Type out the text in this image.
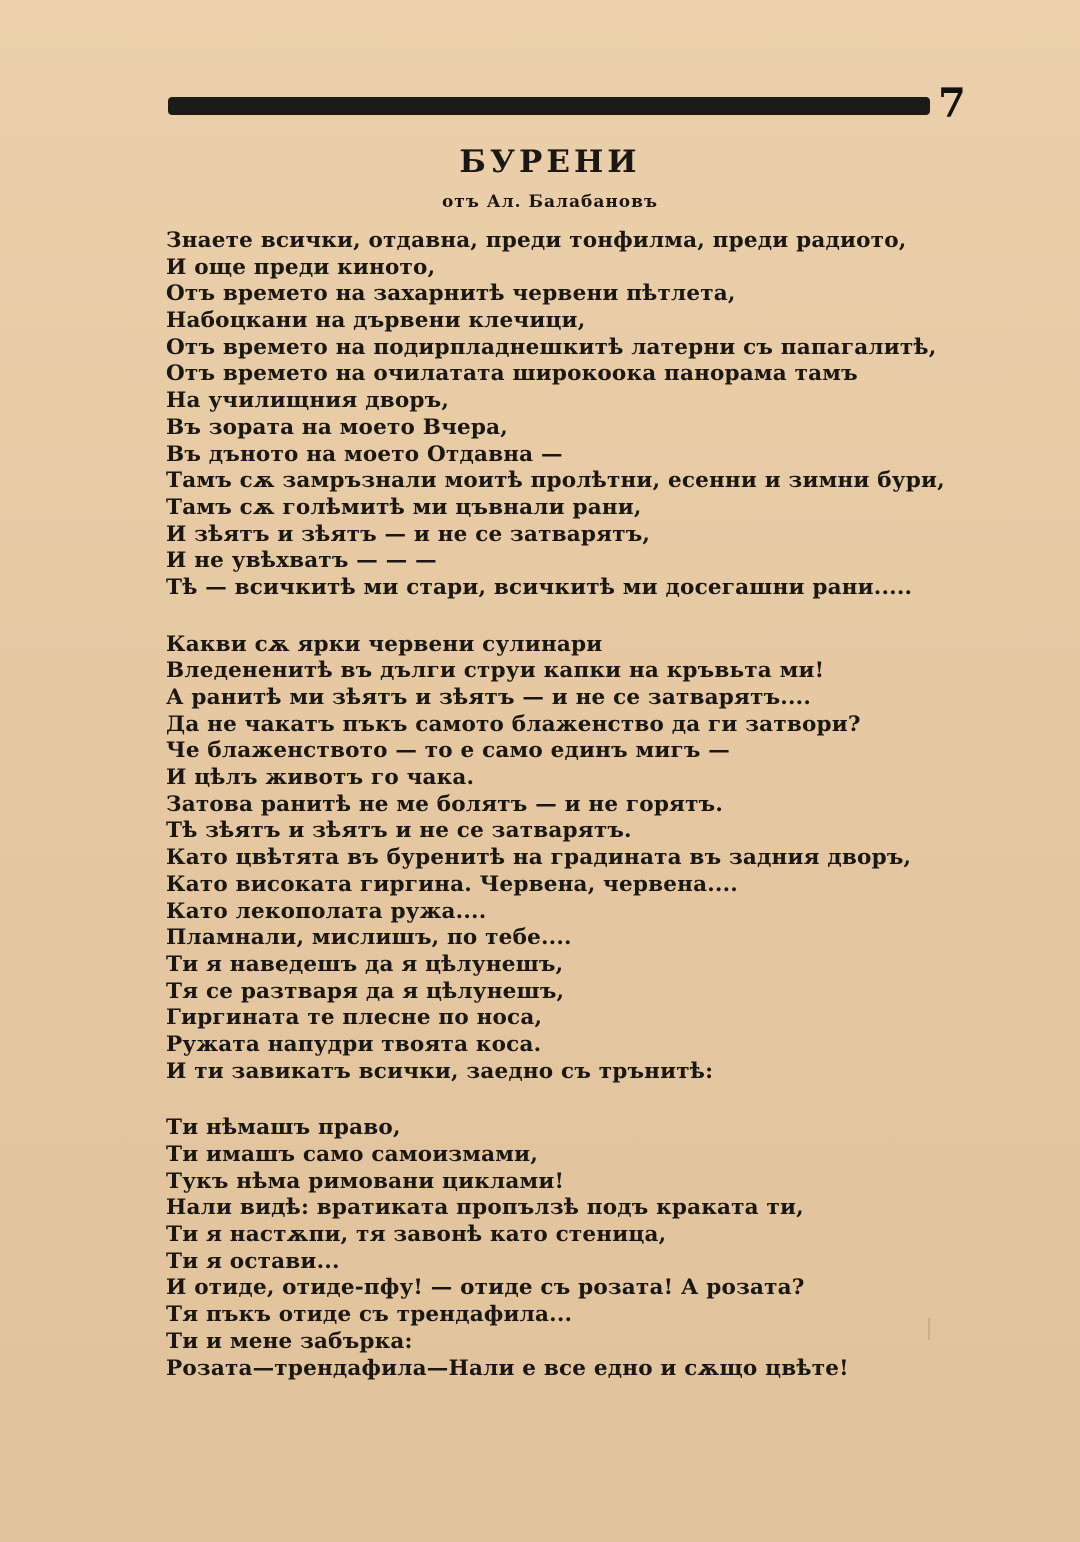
7
БУРЕНИ
отъ Ал. Балабановъ
Знаете всички, отдавна, преди тонфилма, преди радиото,
И още преди киното,
Отъ времето на захарнитѣ червени пѣтлета,
Набоцкани на дървени клечици,
Отъ времето на подирпладнешкитѣ латерни съ папагалитѣ,
Отъ времето на очилатата широкоока панорама тамъ
На училищния дворъ,
Въ зората на моето Вчера,
Въ дъното на моето Отдавна —
Тамъ сѫ замръзнали моитѣ пролѣтни, есенни и зимни бури,
Тамъ сѫ голѣмитѣ ми цъвнали рани,
И зѣятъ и зѣятъ — и не се затварятъ,
И не увѣхватъ — — —
Тѣ — всичкитѣ ми стари, всичкитѣ ми досегашни рани.....
Какви сѫ ярки червени сулинари
Вледененитѣ въ дълги струи капки на кръвьта ми!
А ранитѣ ми зѣятъ и зѣятъ — и не се затварятъ....
Да не чакатъ пъкъ самото блаженство да ги затвори?
Че блаженството — то е само единъ мигъ —
И цѣлъ животъ го чака.
Затова ранитѣ не ме болятъ — и не горятъ.
Тѣ зѣятъ и зѣятъ и не се затварятъ.
Като цвѣтята въ буренитѣ на градината въ задния дворъ,
Като високата гиргина. Червена, червена....
Като лекополата ружа....
Пламнали, мислишъ, по тебе....
Ти я наведешъ да я цѣлунешъ,
Тя се разтваря да я цѣлунешъ,
Гиргината те плесне по носа,
Ружата напудри твоята коса.
И ти завикатъ всички, заедно съ трънитѣ:
Ти нѣмашъ право,
Ти имашъ само самоизмами,
Тукъ нѣма римовани циклами!
Нали видѣ: вратиката пропълзѣ подъ краката ти,
Ти я настѫпи, тя завонѣ като стеница,
Ти я остави...
И отиде, отиде-пфу! — отиде съ розата! А розата?
Тя пъкъ отиде съ трендафила...
Ти и мене забърка:
Розата—трендафила—Нали е все едно и сѫщо цвѣте!
